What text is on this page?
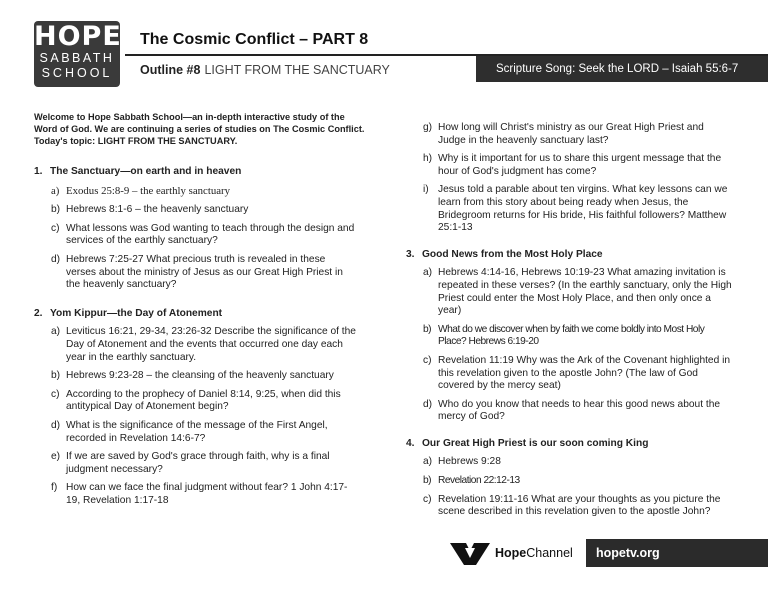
HOPE
SABBATH
SCHOOL
The Cosmic Conflict – PART 8
Outline #8 LIGHT FROM THE SANCTUARY	Scripture Song: Seek the LORD – Isaiah 55:6-7
Welcome to Hope Sabbath School—an in-depth interactive study of the Word of God. We are continuing a series of studies on The Cosmic Conflict. Today's topic: LIGHT FROM THE SANCTUARY.
1. The Sanctuary—on earth and in heaven
a) Exodus 25:8-9 – the earthly sanctuary
b) Hebrews 8:1-6 – the heavenly sanctuary
c) What lessons was God wanting to teach through the design and services of the earthly sanctuary?
d) Hebrews 7:25-27 What precious truth is revealed in these verses about the ministry of Jesus as our Great High Priest in the heavenly sanctuary?
2. Yom Kippur—the Day of Atonement
a) Leviticus 16:21, 29-34, 23:26-32 Describe the significance of the Day of Atonement and the events that occurred one day each year in the earthly sanctuary.
b) Hebrews 9:23-28 – the cleansing of the heavenly sanctuary
c) According to the prophecy of Daniel 8:14, 9:25, when did this antitypical Day of Atonement begin?
d) What is the significance of the message of the First Angel, recorded in Revelation 14:6-7?
e) If we are saved by God's grace through faith, why is a final judgment necessary?
f) How can we face the final judgment without fear? 1 John 4:17-19, Revelation 1:17-18
g) How long will Christ's ministry as our Great High Priest and Judge in the heavenly sanctuary last?
h) Why is it important for us to share this urgent message that the hour of God's judgment has come?
i) Jesus told a parable about ten virgins. What key lessons can we learn from this story about being ready when Jesus, the Bridegroom returns for His bride, His faithful followers? Matthew 25:1-13
3. Good News from the Most Holy Place
a) Hebrews 4:14-16, Hebrews 10:19-23 What amazing invitation is repeated in these verses? (In the earthly sanctuary, only the High Priest could enter the Most Holy Place, and then only once a year)
b) What do we discover when by faith we come boldly into Most Holy Place? Hebrews 6:19-20
c) Revelation 11:19 Why was the Ark of the Covenant highlighted in this revelation given to the apostle John? (The law of God covered by the mercy seat)
d) Who do you know that needs to hear this good news about the mercy of God?
4. Our Great High Priest is our soon coming King
a) Hebrews 9:28
b) Revelation 22:12-13
c) Revelation 19:11-16 What are your thoughts as you picture the scene described in this revelation given to the apostle John?
HopeChannel	hopetv.org
